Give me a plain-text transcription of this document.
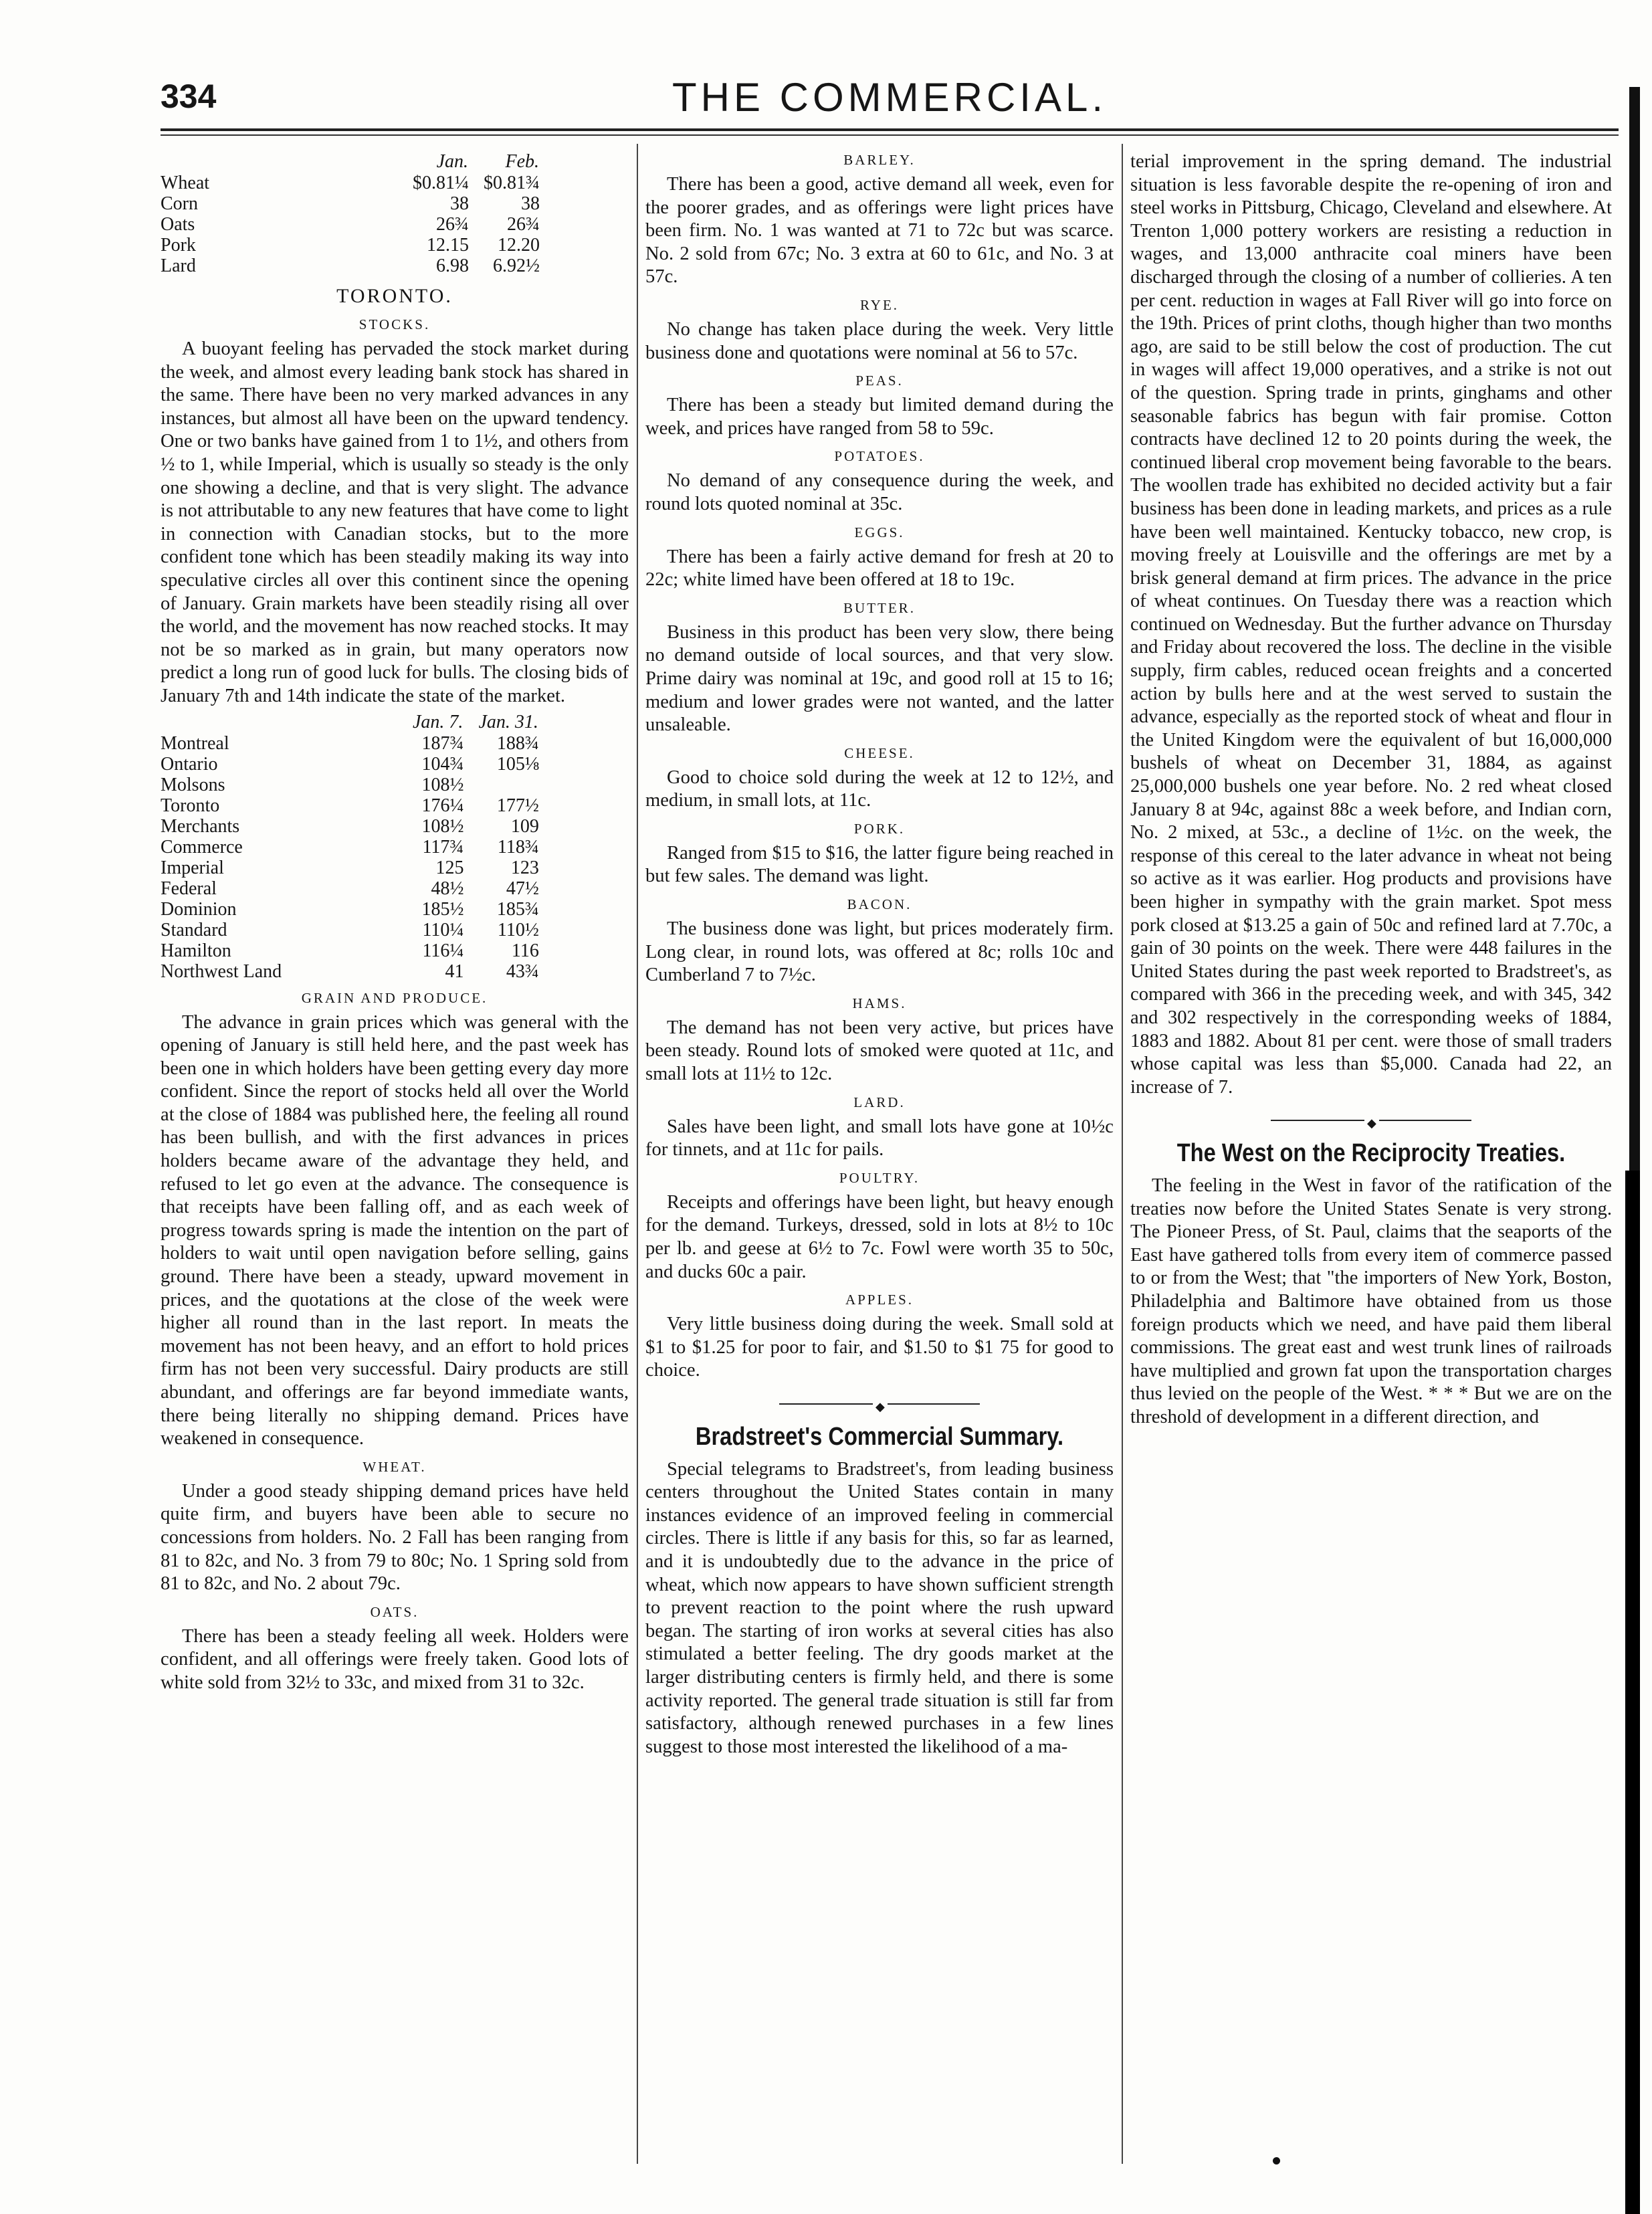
334	THE COMMERCIAL.
	Jan.	Feb.
Wheat	$0.81¼	$0.81¾
Corn	38	38
Oats	26¾	26¾
Pork	12.15	12.20
Lard	6.98	6.92½
TORONTO.
STOCKS.

A buoyant feeling has pervaded the stock market during the week, and almost every leading bank stock has shared in the same. There have been no very marked advances in any instances, but almost all have been on the upward tendency. One or two banks have gained from 1 to 1½, and others from ½ to 1, while Imperial, which is usually so steady is the only one showing a decline, and that is very slight. The advance is not attributable to any new features that have come to light in connection with Canadian stocks, but to the more confident tone which has been steadily making its way into speculative circles all over this continent since the opening of January. Grain markets have been steadily rising all over the world, and the movement has now reached stocks. It may not be so marked as in grain, but many operators now predict a long run of good luck for bulls. The closing bids of January 7th and 14th indicate the state of the market.

	Jan. 7.	Jan. 31.
Montreal	187¾	188¾
Ontario	104¾	105⅛
Molsons	108½	
Toronto	176¼	177½
Merchants	108½	109
Commerce	117¾	118¾
Imperial	125	123
Federal	48½	47½
Dominion	185½	185¾
Standard	110¼	110½
Hamilton	116¼	116
Northwest Land	41	43¾
GRAIN AND PRODUCE.

The advance in grain prices which was general with the opening of January is still held here, and the past week has been one in which holders have been getting every day more confident. Since the report of stocks held all over the World at the close of 1884 was published here, the feeling all round has been bullish, and with the first advances in prices holders became aware of the advantage they held, and refused to let go even at the advance. The consequence is that receipts have been falling off, and as each week of progress towards spring is made the intention on the part of holders to wait until open navigation before selling, gains ground. There have been a steady, upward movement in prices, and the quotations at the close of the week were higher all round than in the last report. In meats the movement has not been heavy, and an effort to hold prices firm has not been very successful. Dairy products are still abundant, and offerings are far beyond immediate wants, there being literally no shipping demand. Prices have weakened in consequence.

WHEAT.

Under a good steady shipping demand prices have held quite firm, and buyers have been able to secure no concessions from holders. No. 2 Fall has been ranging from 81 to 82c, and No. 3 from 79 to 80c; No. 1 Spring sold from 81 to 82c, and No. 2 about 79c.

OATS.

There has been a steady feeling all week. Holders were confident, and all offerings were freely taken. Good lots of white sold from 32½ to 33c, and mixed from 31 to 32c.

BARLEY.

There has been a good, active demand all week, even for the poorer grades, and as offerings were light prices have been firm. No. 1 was wanted at 71 to 72c but was scarce. No. 2 sold from 67c; No. 3 extra at 60 to 61c, and No. 3 at 57c.

RYE.

No change has taken place during the week. Very little business done and quotations were nominal at 56 to 57c.

PEAS.

There has been a steady but limited demand during the week, and prices have ranged from 58 to 59c.

POTATOES.

No demand of any consequence during the week, and round lots quoted nominal at 35c.

EGGS.

There has been a fairly active demand for fresh at 20 to 22c; white limed have been offered at 18 to 19c.

BUTTER.

Business in this product has been very slow, there being no demand outside of local sources, and that very slow. Prime dairy was nominal at 19c, and good roll at 15 to 16; medium and lower grades were not wanted, and the latter unsaleable.

CHEESE.

Good to choice sold during the week at 12 to 12½, and medium, in small lots, at 11c.

PORK.

Ranged from $15 to $16, the latter figure being reached in but few sales. The demand was light.

BACON.

The business done was light, but prices moderately firm. Long clear, in round lots, was offered at 8c; rolls 10c and Cumberland 7 to 7½c.

HAMS.

The demand has not been very active, but prices have been steady. Round lots of smoked were quoted at 11c, and small lots at 11½ to 12c.

LARD.

Sales have been light, and small lots have gone at 10½c for tinnets, and at 11c for pails.

POULTRY.

Receipts and offerings have been light, but heavy enough for the demand. Turkeys, dressed, sold in lots at 8½ to 10c per lb. and geese at 6½ to 7c. Fowl were worth 35 to 50c, and ducks 60c a pair.

APPLES.

Very little business doing during the week. Small sold at $1 to $1.25 for poor to fair, and $1.50 to $1 75 for good to choice.

◆
Bradstreet's Commercial Summary.

Special telegrams to Bradstreet's, from leading business centers throughout the United States contain in many instances evidence of an improved feeling in commercial circles. There is little if any basis for this, so far as learned, and it is undoubtedly due to the advance in the price of wheat, which now appears to have shown sufficient strength to prevent reaction to the point where the rush upward began. The starting of iron works at several cities has also stimulated a better feeling. The dry goods market at the larger distributing centers is firmly held, and there is some activity reported. The general trade situation is still far from satisfactory, although renewed purchases in a few lines suggest to those most interested the likelihood of a ma-

terial improvement in the spring demand. The industrial situation is less favorable despite the re-opening of iron and steel works in Pittsburg, Chicago, Cleveland and elsewhere. At Trenton 1,000 pottery workers are resisting a reduction in wages, and 13,000 anthracite coal miners have been discharged through the closing of a number of collieries. A ten per cent. reduction in wages at Fall River will go into force on the 19th. Prices of print cloths, though higher than two months ago, are said to be still below the cost of production. The cut in wages will affect 19,000 operatives, and a strike is not out of the question. Spring trade in prints, ginghams and other seasonable fabrics has begun with fair promise. Cotton contracts have declined 12 to 20 points during the week, the continued liberal crop movement being favorable to the bears. The woollen trade has exhibited no decided activity but a fair business has been done in leading markets, and prices as a rule have been well maintained. Kentucky tobacco, new crop, is moving freely at Louisville and the offerings are met by a brisk general demand at firm prices. The advance in the price of wheat continues. On Tuesday there was a reaction which continued on Wednesday. But the further advance on Thursday and Friday about recovered the loss. The decline in the visible supply, firm cables, reduced ocean freights and a concerted action by bulls here and at the west served to sustain the advance, especially as the reported stock of wheat and flour in the United Kingdom were the equivalent of but 16,000,000 bushels of wheat on December 31, 1884, as against 25,000,000 bushels one year before. No. 2 red wheat closed January 8 at 94c, against 88c a week before, and Indian corn, No. 2 mixed, at 53c., a decline of 1½c. on the week, the response of this cereal to the later advance in wheat not being so active as it was earlier. Hog products and provisions have been higher in sympathy with the grain market. Spot mess pork closed at $13.25 a gain of 50c and refined lard at 7.70c, a gain of 30 points on the week. There were 448 failures in the United States during the past week reported to Bradstreet's, as compared with 366 in the preceding week, and with 345, 342 and 302 respectively in the corresponding weeks of 1884, 1883 and 1882. About 81 per cent. were those of small traders whose capital was less than $5,000. Canada had 22, an increase of 7.

◆
The West on the Reciprocity Treaties.

The feeling in the West in favor of the ratification of the treaties now before the United States Senate is very strong. The Pioneer Press, of St. Paul, claims that the seaports of the East have gathered tolls from every item of commerce passed to or from the West; that "the importers of New York, Boston, Philadelphia and Baltimore have obtained from us those foreign products which we need, and have paid them liberal commissions. The great east and west trunk lines of railroads have multiplied and grown fat upon the transportation charges thus levied on the people of the West. * * * But we are on the threshold of development in a different direction, and
